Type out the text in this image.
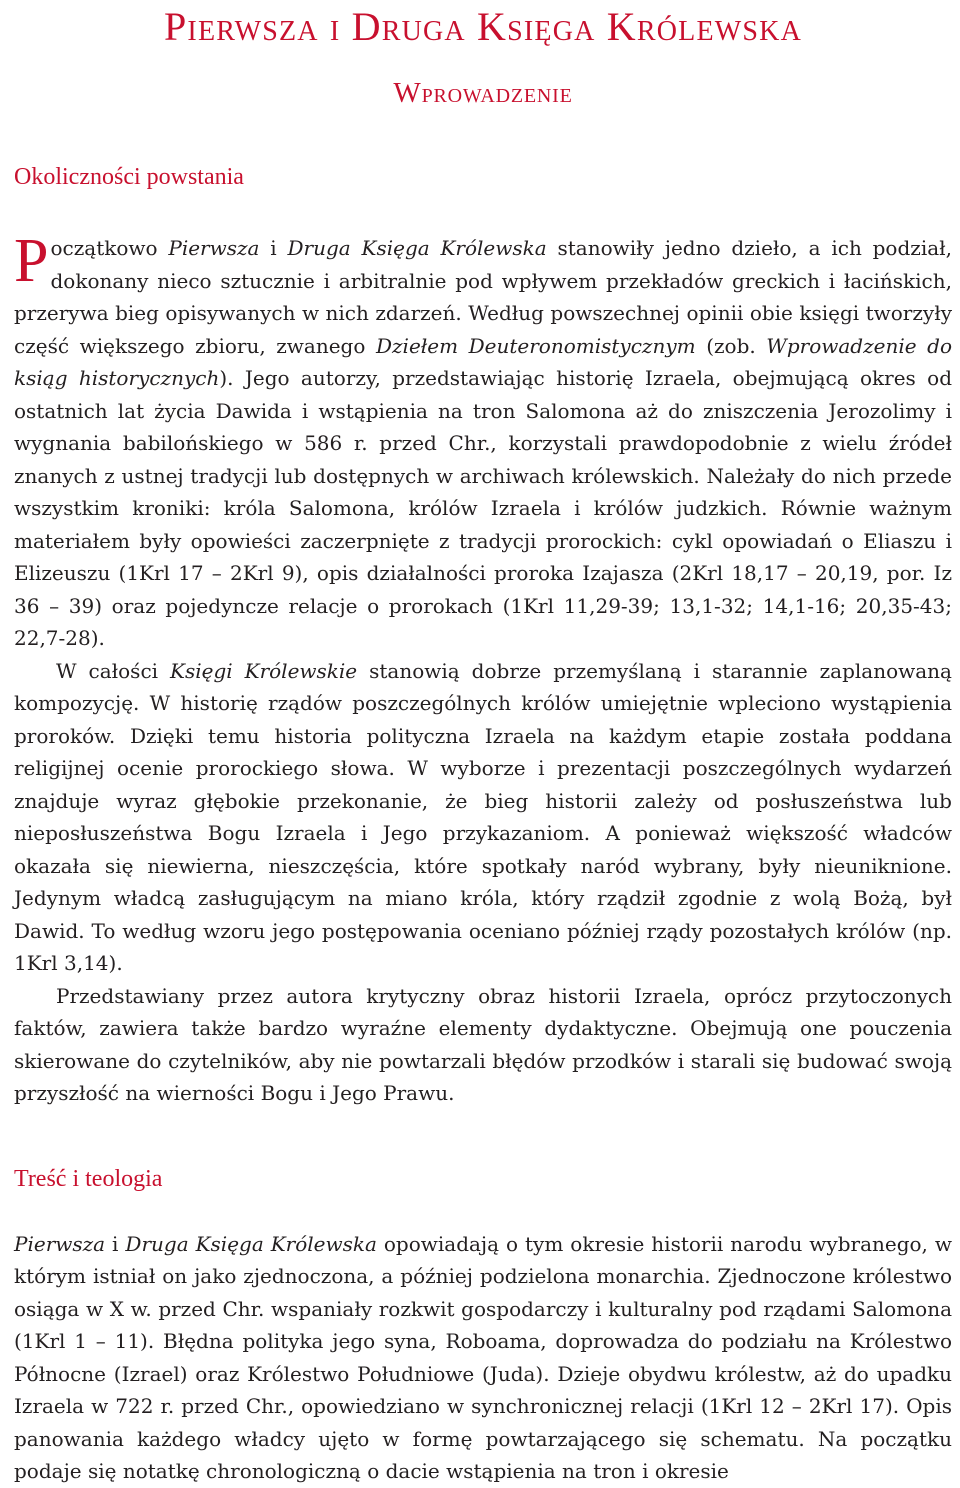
Pierwsza i Druga Księga Królewska
Wprowadzenie
Okoliczności powstania

Początkowo Pierwsza i Druga Księga Królewska stanowiły jedno dzieło, a ich podział, dokonany nieco sztucznie i arbitralnie pod wpływem przekładów greckich i łacińskich, przerywa bieg opisywanych w nich zdarzeń. Według powszechnej opinii obie księgi tworzyły część większego zbioru, zwanego Dziełem Deuteronomistycznym (zob. Wprowadzenie do ksiąg historycznych). Jego autorzy, przedstawiając historię Izraela, obejmującą okres od ostatnich lat życia Dawida i wstąpienia na tron Salomona aż do zniszczenia Jerozolimy i wygnania babilońskiego w 586 r. przed Chr., korzystali prawdopodobnie z wielu źródeł znanych z ustnej tradycji lub dostępnych w archiwach królewskich. Należały do nich przede wszystkim kroniki: króla Salomona, królów Izraela i królów judzkich. Równie ważnym materiałem były opowieści zaczerpnięte z tradycji prorockich: cykl opowiadań o Eliaszu i Elizeuszu (1Krl 17 – 2Krl 9), opis działalności proroka Izajasza (2Krl 18,17 – 20,19, por. Iz 36 – 39) oraz pojedyncze relacje o prorokach (1Krl 11,29-39; 13,1-32; 14,1-16; 20,35-43; 22,7-28).

W całości Księgi Królewskie stanowią dobrze przemyślaną i starannie zaplanowaną kompozycję. W historię rządów poszczególnych królów umiejętnie wpleciono wystąpienia proroków. Dzięki temu historia polityczna Izraela na każdym etapie została poddana religijnej ocenie prorockiego słowa. W wyborze i prezentacji poszczególnych wydarzeń znajduje wyraz głębokie przekonanie, że bieg historii zależy od posłuszeństwa lub nieposłuszeństwa Bogu Izraela i Jego przykazaniom. A ponieważ większość władców okazała się niewierna, nieszczęścia, które spotkały naród wybrany, były nieuniknione. Jedynym władcą zasługującym na miano króla, który rządził zgodnie z wolą Bożą, był Dawid. To według wzoru jego postępowania oceniano później rządy pozostałych królów (np. 1Krl 3,14).

Przedstawiany przez autora krytyczny obraz historii Izraela, oprócz przytoczonych faktów, zawiera także bardzo wyraźne elementy dydaktyczne. Obejmują one pouczenia skierowane do czytelników, aby nie powtarzali błędów przodków i starali się budować swoją przyszłość na wierności Bogu i Jego Prawu.

Treść i teologia

Pierwsza i Druga Księga Królewska opowiadają o tym okresie historii narodu wybranego, w którym istniał on jako zjednoczona, a później podzielona monarchia. Zjednoczone królestwo osiąga w X w. przed Chr. wspaniały rozkwit gospodarczy i kulturalny pod rządami Salomona (1Krl 1 – 11). Błędna polityka jego syna, Roboama, doprowadza do podziału na Królestwo Północne (Izrael) oraz Królestwo Południowe (Juda). Dzieje obydwu królestw, aż do upadku Izraela w 722 r. przed Chr., opowiedziano w synchronicznej relacji (1Krl 12 – 2Krl 17). Opis panowania każdego władcy ujęto w formę powtarzającego się schematu. Na początku podaje się notatkę chronologiczną o dacie wstąpienia na tron i okresie
